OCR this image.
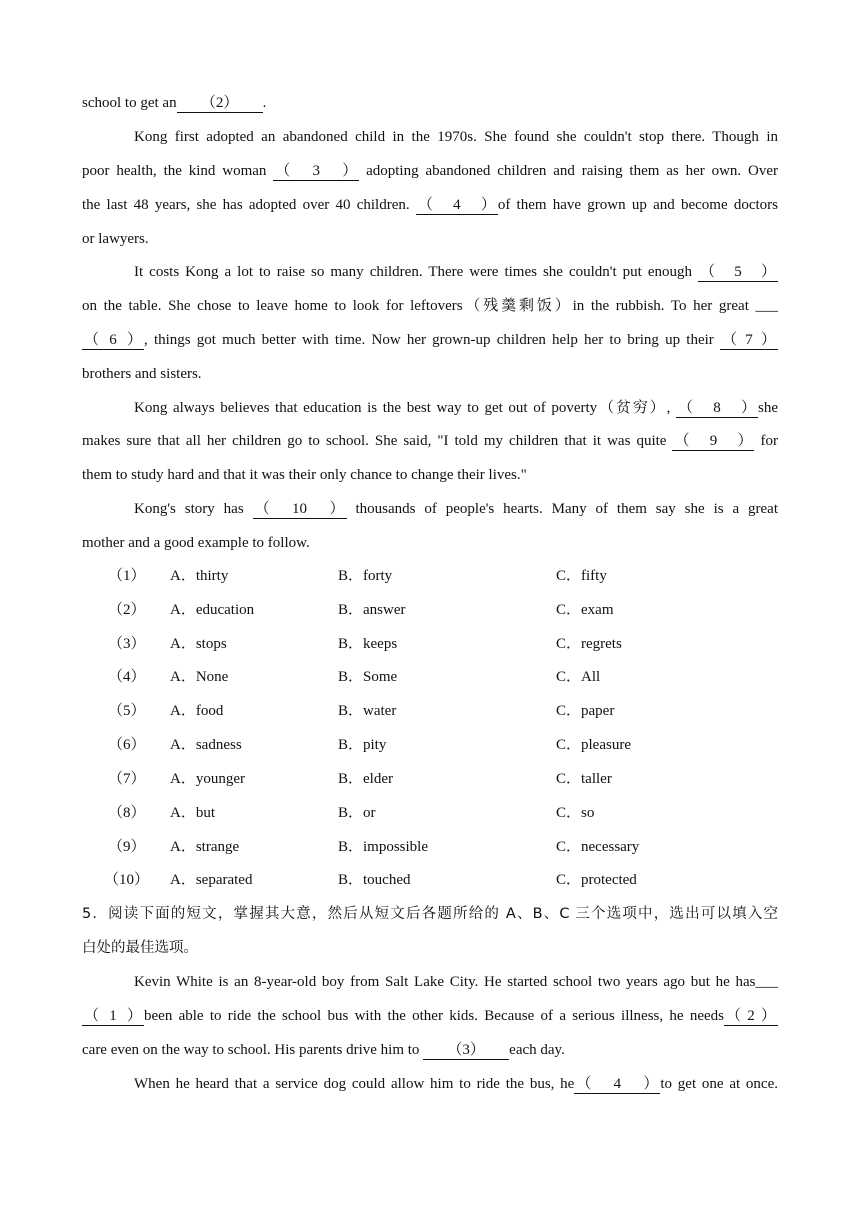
school to get an （2） .
Kong first adopted an abandoned child in the 1970s. She found she couldn't stop there. Though in
poor health, the kind woman （3） adopting abandoned children and raising them as her own. Over
the last 48 years, she has adopted over 40 children. （4） of them have grown up and become doctors
or lawyers.
It costs Kong a lot to raise so many children. There were times she couldn't put enough （5）
on the table. She chose to leave home to look for leftovers（残羹剩饭）in the rubbish. To her great ___
（6） , things got much better with time. Now her grown-up children help her to bring up their （7）
brothers and sisters.
Kong always believes that education is the best way to get out of poverty（贫穷）, （8） she
makes sure that all her children go to school. She said, "I told my children that it was quite （9） for
them to study hard and that it was their only chance to change their lives."
Kong's story has （10） thousands of people's hearts. Many of them say she is a great
mother and a good example to follow.
（1） A．thirty	B．forty	C．fifty
（2） A．education	B．answer	C．exam
（3） A．stops	B．keeps	C．regrets
（4） A．None	B．Some	C．All
（5） A．food	B．water	C．paper
（6） A．sadness	B．pity	C．pleasure
（7） A．younger	B．elder	C．taller
（8） A．but	B．or	C．so
（9） A．strange	B．impossible	C．necessary
（10） A．separated	B．touched	C．protected
5．阅读下面的短文，掌握其大意，然后从短文后各题所给的 A、B、C 三个选项中，选出可以填入空
白处的最佳选项。
Kevin White is an 8-year-old boy from Salt Lake City. He started school two years ago but he has___
（1） been able to ride the school bus with the other kids. Because of a serious illness, he needs （2）
care even on the way to school. His parents drive him to （3） each day.
When he heard that a service dog could allow him to ride the bus, he （4） to get one at once.
